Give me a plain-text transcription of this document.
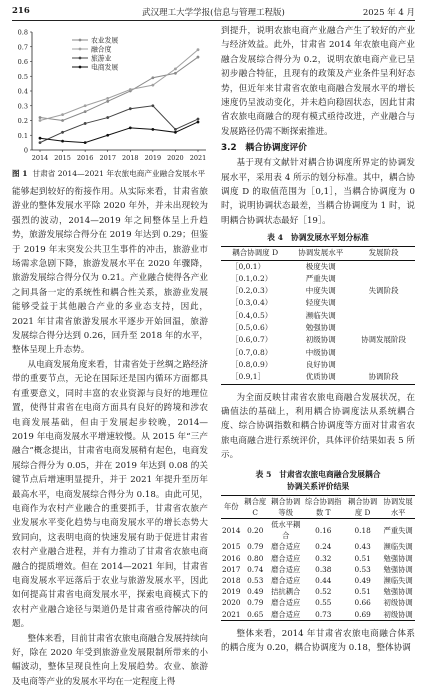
216	武汉理工大学学报(信息与管理工程版)	2025 年 4 月
0
0.1
0.2
0.3
0.4
0.5
0.6
0.7
0.8
2014 2015 2016 2017 2018 2019 2020 2021
农业发展
融合度
旅游业
电商发展
图 1 甘肃省 2014—2021 年农旅电商产业融合发展水平

能够起到较好的衔接作用。从实际来看，甘肃省旅游业的整体发展水平除 2020 年外，并未出现较为强烈的波动，2014—2019 年之间整体呈上升趋势，旅游发展综合得分在 2019 年达到 0.29；但鉴于 2019 年末突发公共卫生事件的冲击，旅游业市场需求急剧下降，旅游发展水平在 2020 年骤降，旅游发展综合得分仅为 0.21。产业融合使得各产业之间具备一定的系统性和耦合性关系，旅游业发展能够受益于其他融合产业的多业态支持，因此，2021 年甘肃省旅游发展水平逐步开始回温，旅游发展综合得分达到 0.26，回升至 2018 年的水平，整体呈现上升态势。

从电商发展角度来看，甘肃省处于丝绸之路经济带的重要节点，无论在国际还是国内循环方面都具有重要意义，同时丰富的农业资源与良好的地理位置，使得甘肃省在电商方面具有良好的跨境和涉农电商发展基础，但由于发展起步较晚，2014—2019 年电商发展水平增速较慢。从 2015 年“三产融合”概念提出，甘肃省电商发展稍有起色，电商发展综合得分为 0.05，并在 2019 年达到 0.08 的关键节点后增速明显提升，并于 2021 年提升至历年最高水平，电商发展综合得分为 0.18。由此可见，电商作为农村产业融合的重要抓手，甘肃省农旅产业发展水平变化趋势与电商发展水平的增长态势大致同向，这表明电商的快速发展有助于促进甘肃省农村产业融合进程，并有力推动了甘肃省农旅电商融合的提质增效。但在 2014—2021 年间，甘肃省电商发展水平远落后于农业与旅游发展水平，因此如何提高甘肃省电商发展水平，探索电商模式下的农村产业融合途径与渠道仍是甘肃省亟待解决的问题。

整体来看，目前甘肃省农旅电商融合发展持续向好，除在 2020 年受到旅游业发展限制所带来的小幅波动，整体呈现良性向上发展趋势。农业、旅游及电商等产业的发展水平均在一定程度上得

到提升，说明农旅电商产业融合产生了较好的产业与经济效益。此外，甘肃省 2014 年农旅电商产业融合发展综合得分为 0.2，说明农旅电商产业已呈初步融合特征，且现有的政策及产业条件呈利好态势，但近年来甘肃省农旅电商融合发展水平的增长速度仍呈波动变化，并未趋向稳固状态，因此甘肃省农旅电商融合的现有模式亟待改进，产业融合与发展路径仍需不断探索推进。

3.2　耦合协调度评价

基于现有文献针对耦合协调度所界定的协调发展水平，采用表 4 所示的划分标准。其中，耦合协调度 D 的取值范围为［0,1］，当耦合协调度为 0 时，说明协调状态最差，当耦合协调度为 1 时，说明耦合协调状态最好［19］。

表 4　协调发展水平划分标准
耦合协调度 D	协调发展水平	发展阶段
［0,0.1）	极度失调	
［0.1,0.2）	严重失调	
［0.2,0.3）	中度失调	失调阶段
［0.3,0.4）	轻度失调	
［0.4,0.5）	濒临失调	
［0.5,0.6）	勉强协调	
［0.6,0.7）	初级协调	协调发展阶段
［0.7,0.8）	中级协调	
［0.8,0.9）	良好协调	
［0.9,1］	优质协调	协调阶段

为全面反映甘肃省农旅电商融合发展状况，在确值法的基础上，利用耦合协调度法从系统耦合度、综合协调指数和耦合协调度等方面对甘肃省农旅电商融合进行系统评价，具体评价结果如表 5 所示。

表 5　甘肃省农旅电商融合发展耦合
协调关系评价结果
年份	耦合度 C	耦合协调等级	综合协调指数 T	耦合协调度 D	协调发展水平
2014	0.20	低水平耦合	0.16	0.18	严重失调
2015	0.79	磨合适应	0.24	0.43	濒临失调
2016	0.80	磨合适应	0.32	0.51	勉强协调
2017	0.74	磨合适应	0.38	0.53	勉强协调
2018	0.53	磨合适应	0.44	0.49	濒临失调
2019	0.49	拮抗耦合	0.52	0.51	勉强协调
2020	0.79	磨合适应	0.55	0.66	初级协调
2021	0.65	磨合适应	0.73	0.69	初级协调

整体来看，2014 年甘肃省农旅电商融合体系的耦合度为 0.20，耦合协调度为 0.18，整体协调
